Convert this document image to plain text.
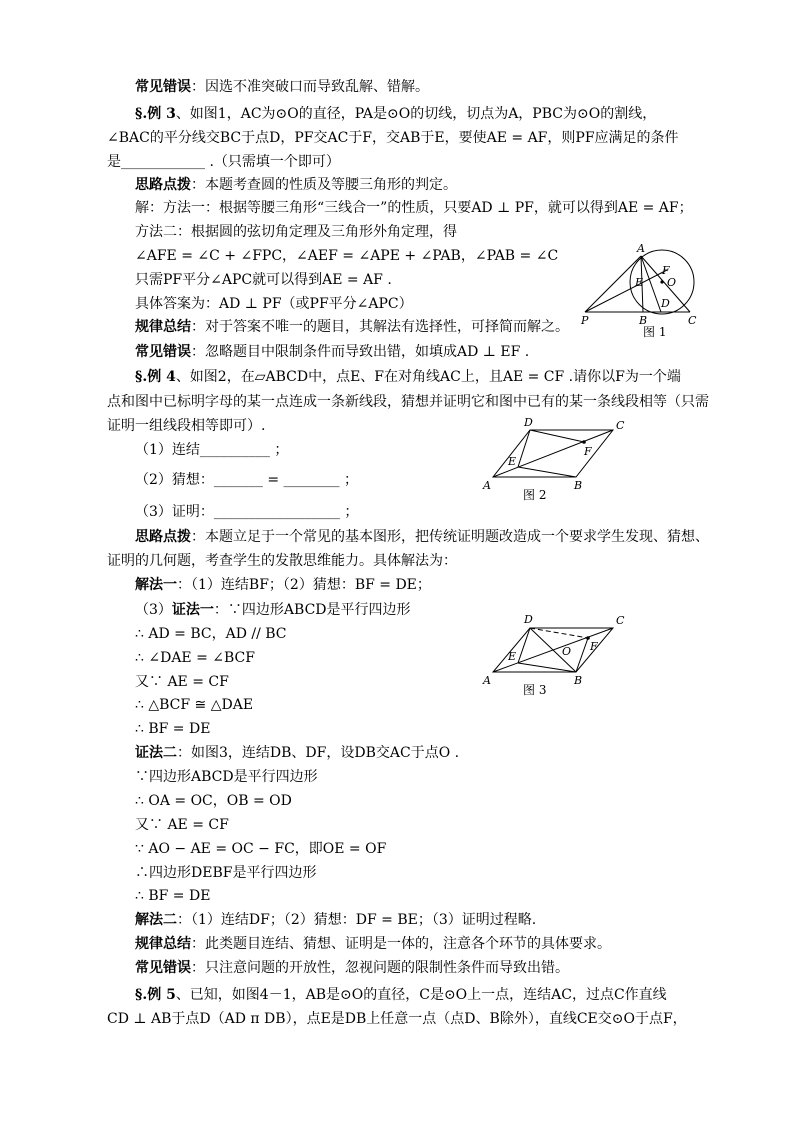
常见错误：因选不准突破口而导致乱解、错解。
§.例 3、如图1，AC为⊙O的直径，PA是⊙O的切线，切点为A，PBC为⊙O的割线，
∠BAC的平分线交BC于点D，PF交AC于F，交AB于E，要使AE = AF，则PF应满足的条件
是____________ .（只需填一个即可）
思路点拨：本题考查圆的性质及等腰三角形的判定。
解：方法一：根据等腰三角形“三线合一”的性质，只要AD ⊥ PF，就可以得到AE = AF；
方法二：根据圆的弦切角定理及三角形外角定理，得
∠AFE = ∠C + ∠FPC，∠AEF = ∠APE + ∠PAB，∠PAB = ∠C
只需PF平分∠APC就可以得到AE = AF .
具体答案为：AD ⊥ PF（或PF平分∠APC）
规律总结：对于答案不唯一的题目，其解法有选择性，可择简而解之。
常见错误：忽略题目中限制条件而导致出错，如填成AD ⊥ EF .
§.例 4、如图2，在▱ABCD中，点E、F在对角线AC上，且AE = CF .请你以F为一个端
点和图中已标明字母的某一点连成一条新线段，猜想并证明它和图中已有的某一条线段相等（只需
证明一组线段相等即可）.
（1）连结__________ ；
（2）猜想：_______ = ________ ；
（3）证明：__________________ ；
思路点拨：本题立足于一个常见的基本图形，把传统证明题改造成一个要求学生发现、猜想、
证明的几何题，考查学生的发散思维能力。具体解法为：
解法一：（1）连结BF；（2）猜想：BF = DE；
（3）证法一：∵四边形ABCD是平行四边形
∴ AD = BC，AD // BC
∴ ∠DAE = ∠BCF
又∵ AE = CF
∴ △BCF ≅ △DAE
∴ BF = DE
证法二：如图3，连结DB、DF，设DB交AC于点O .
∵四边形ABCD是平行四边形
∴ OA = OC，OB = OD
又∵ AE = CF
∵ AO − AE = OC − FC，即OE = OF
∴四边形DEBF是平行四边形
∴ BF = DE
解法二：（1）连结DF；（2）猜想：DF = BE；（3）证明过程略.
规律总结：此类题目连结、猜想、证明是一体的，注意各个环节的具体要求。
常见错误：只注意问题的开放性，忽视问题的限制性条件而导致出错。
§.例 5、已知，如图4－1，AB是⊙O的直径，C是⊙O上一点，连结AC，过点C作直线
CD ⊥ AB于点D（AD π DB），点E是DB上任意一点（点D、B除外），直线CE交⊙O于点F，
A
F
E O
D
P	B	C
图 1
D	C
E
F
A	B
图 2
D	C
E	O F
A	B
图 3
